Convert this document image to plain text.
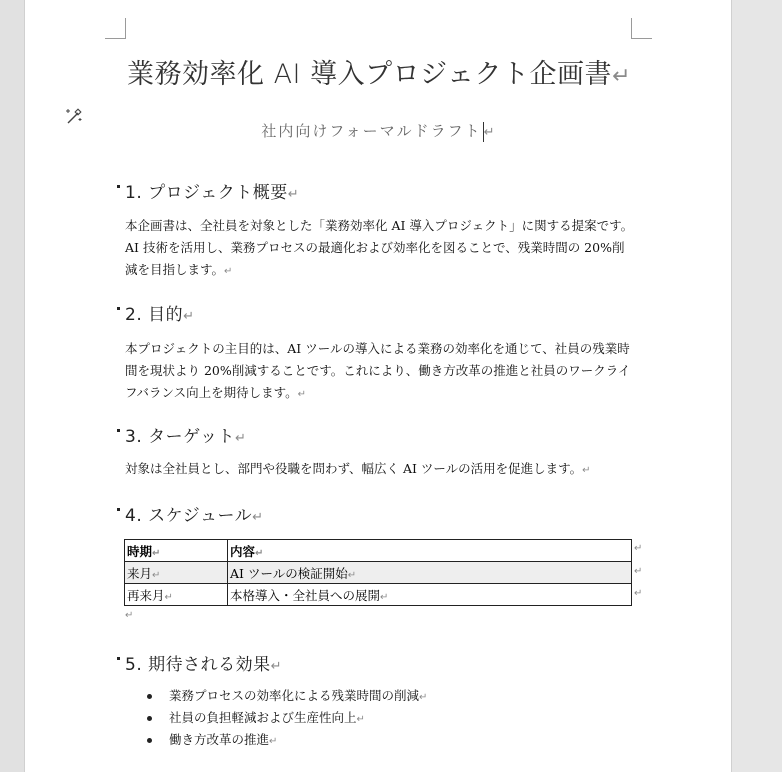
業務効率化 AI 導入プロジェクト企画書↵
社内向けフォーマルドラフト ↵
1. プロジェクト概要↵
本企画書は、全社員を対象とした「業務効率化 AI 導入プロジェクト」に関する提案です。
AI 技術を活用し、業務プロセスの最適化および効率化を図ることで、残業時間の 20%削
減を目指します。↵
2. 目的↵
本プロジェクトの主目的は、AI ツールの導入による業務の効率化を通じて、社員の残業時
間を現状より 20%削減することです。これにより、働き方改革の推進と社員のワークライ
フバランス向上を期待します。↵
3. ターゲット↵
対象は全社員とし、部門や役職を問わず、幅広く AI ツールの活用を促進します。↵
4. スケジュール↵
時期↵	内容↵
来月↵	AI ツールの検証開始↵
再来月↵	本格導入・全社員への展開↵
↵
↵
↵
↵
5. 期待される効果↵
業務プロセスの効率化による残業時間の削減↵
社員の負担軽減および生産性向上↵
働き方改革の推進↵
